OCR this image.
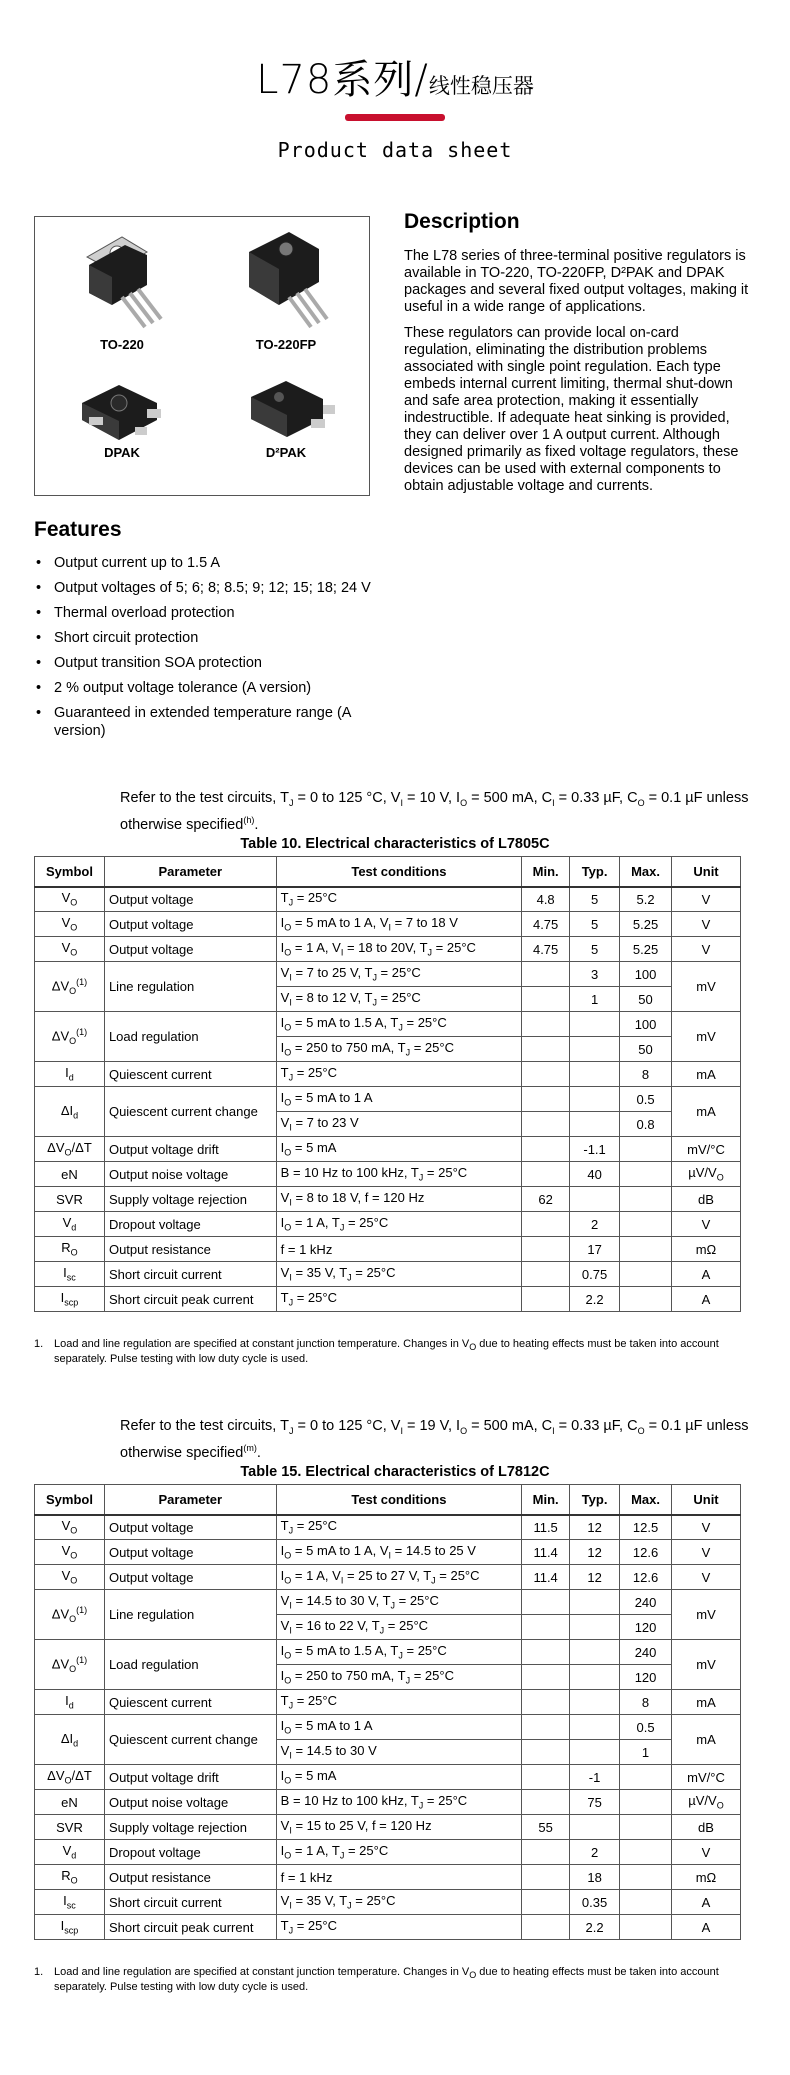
L78系列/线性稳压器
Product data sheet
TO-220	TO-220FP
DPAK	D²PAK
Features
• Output current up to 1.5 A
• Output voltages of 5; 6; 8; 8.5; 9; 12; 15; 18; 24 V
• Thermal overload protection
• Short circuit protection
• Output transition SOA protection
• 2 % output voltage tolerance (A version)
• Guaranteed in extended temperature range (A version)
Description

The L78 series of three-terminal positive regulators is available in TO-220, TO-220FP, D²PAK and DPAK packages and several fixed output voltages, making it useful in a wide range of applications.

These regulators can provide local on-card regulation, eliminating the distribution problems associated with single point regulation. Each type embeds internal current limiting, thermal shut-down and safe area protection, making it essentially indestructible. If adequate heat sinking is provided, they can deliver over 1 A output current. Although designed primarily as fixed voltage regulators, these devices can be used with external components to obtain adjustable voltage and currents.

Refer to the test circuits, $T_J = 0$ to 125 °C, $V_I = 10$ V, $I_O = 500$ mA, $C_I = 0.33$ µF, $C_O = 0.1$ µF unless otherwise specified$^{(h)}$.
Table 10. Electrical characteristics of L7805C
Symbol	Parameter	Test conditions	Min.	Typ.	Max.	Unit
$V_O$	Output voltage	$T_J = 25^\circ C$	4.8	5	5.2	V
$V_O$	Output voltage	$I_O = 5$ mA to 1 A, $V_I = 7$ to 18 V	4.75	5	5.25	V
$V_O$	Output voltage	$I_O = 1$ A, $V_I = 18$ to 20V, $T_J = 25^\circ C$	4.75	5	5.25	V
$\Delta V_O^{(1)}$	Line regulation	$V_I = 7$ to 25 V, $T_J = 25^\circ C$		3	100	mV
		$V_I = 8$ to 12 V, $T_J = 25^\circ C$		1	50	
$\Delta V_O^{(1)}$	Load regulation	$I_O = 5$ mA to 1.5 A, $T_J = 25^\circ C$			100	mV
		$I_O = 250$ to 750 mA, $T_J = 25^\circ C$			50	
$I_d$	Quiescent current	$T_J = 25^\circ C$			8	mA
$\Delta I_d$	Quiescent current change	$I_O = 5$ mA to 1 A			0.5	mA
		$V_I = 7$ to 23 V			0.8	
$\Delta V_O/\Delta T$	Output voltage drift	$I_O = 5$ mA		-1.1		mV/°C
eN	Output noise voltage	B = 10 Hz to 100 kHz, $T_J = 25^\circ C$		40		$\mu V/V_O$
SVR	Supply voltage rejection	$V_I = 8$ to 18 V, f = 120 Hz	62			dB
$V_d$	Dropout voltage	$I_O = 1$ A, $T_J = 25^\circ C$		2		V
$R_O$	Output resistance	f = 1 kHz		17		mΩ
$I_{sc}$	Short circuit current	$V_I = 35$ V, $T_J = 25^\circ C$		0.75		A
$I_{scp}$	Short circuit peak current	$T_J = 25^\circ C$		2.2		A
1. Load and line regulation are specified at constant junction temperature. Changes in $V_O$ due to heating effects must be taken into account separately. Pulse testing with low duty cycle is used.
Refer to the test circuits, $T_J = 0$ to 125 °C, $V_I = 19$ V, $I_O = 500$ mA, $C_I = 0.33$ µF, $C_O = 0.1$ µF unless otherwise specified$^{(m)}$.
Table 15. Electrical characteristics of L7812C
Symbol	Parameter	Test conditions	Min.	Typ.	Max.	Unit
$V_O$	Output voltage	$T_J = 25^\circ C$	11.5	12	12.5	V
$V_O$	Output voltage	$I_O = 5$ mA to 1 A, $V_I = 14.5$ to 25 V	11.4	12	12.6	V
$V_O$	Output voltage	$I_O = 1$ A, $V_I = 25$ to 27 V, $T_J = 25^\circ C$	11.4	12	12.6	V
$\Delta V_O^{(1)}$	Line regulation	$V_I = 14.5$ to 30 V, $T_J = 25^\circ C$			240	mV
		$V_I = 16$ to 22 V, $T_J = 25^\circ C$			120	
$\Delta V_O^{(1)}$	Load regulation	$I_O = 5$ mA to 1.5 A, $T_J = 25^\circ C$			240	mV
		$I_O = 250$ to 750 mA, $T_J = 25^\circ C$			120	
$I_d$	Quiescent current	$T_J = 25^\circ C$			8	mA
$\Delta I_d$	Quiescent current change	$I_O = 5$ mA to 1 A			0.5	mA
		$V_I = 14.5$ to 30 V			1	
$\Delta V_O/\Delta T$	Output voltage drift	$I_O = 5$ mA		-1		mV/°C
eN	Output noise voltage	B = 10 Hz to 100 kHz, $T_J = 25^\circ C$		75		$\mu V/V_O$
SVR	Supply voltage rejection	$V_I = 15$ to 25 V, f = 120 Hz	55			dB
$V_d$	Dropout voltage	$I_O = 1$ A, $T_J = 25^\circ C$		2		V
$R_O$	Output resistance	f = 1 kHz		18		mΩ
$I_{sc}$	Short circuit current	$V_I = 35$ V, $T_J = 25^\circ C$		0.35		A
$I_{scp}$	Short circuit peak current	$T_J = 25^\circ C$		2.2		A
1. Load and line regulation are specified at constant junction temperature. Changes in $V_O$ due to heating effects must be taken into account separately. Pulse testing with low duty cycle is used.
